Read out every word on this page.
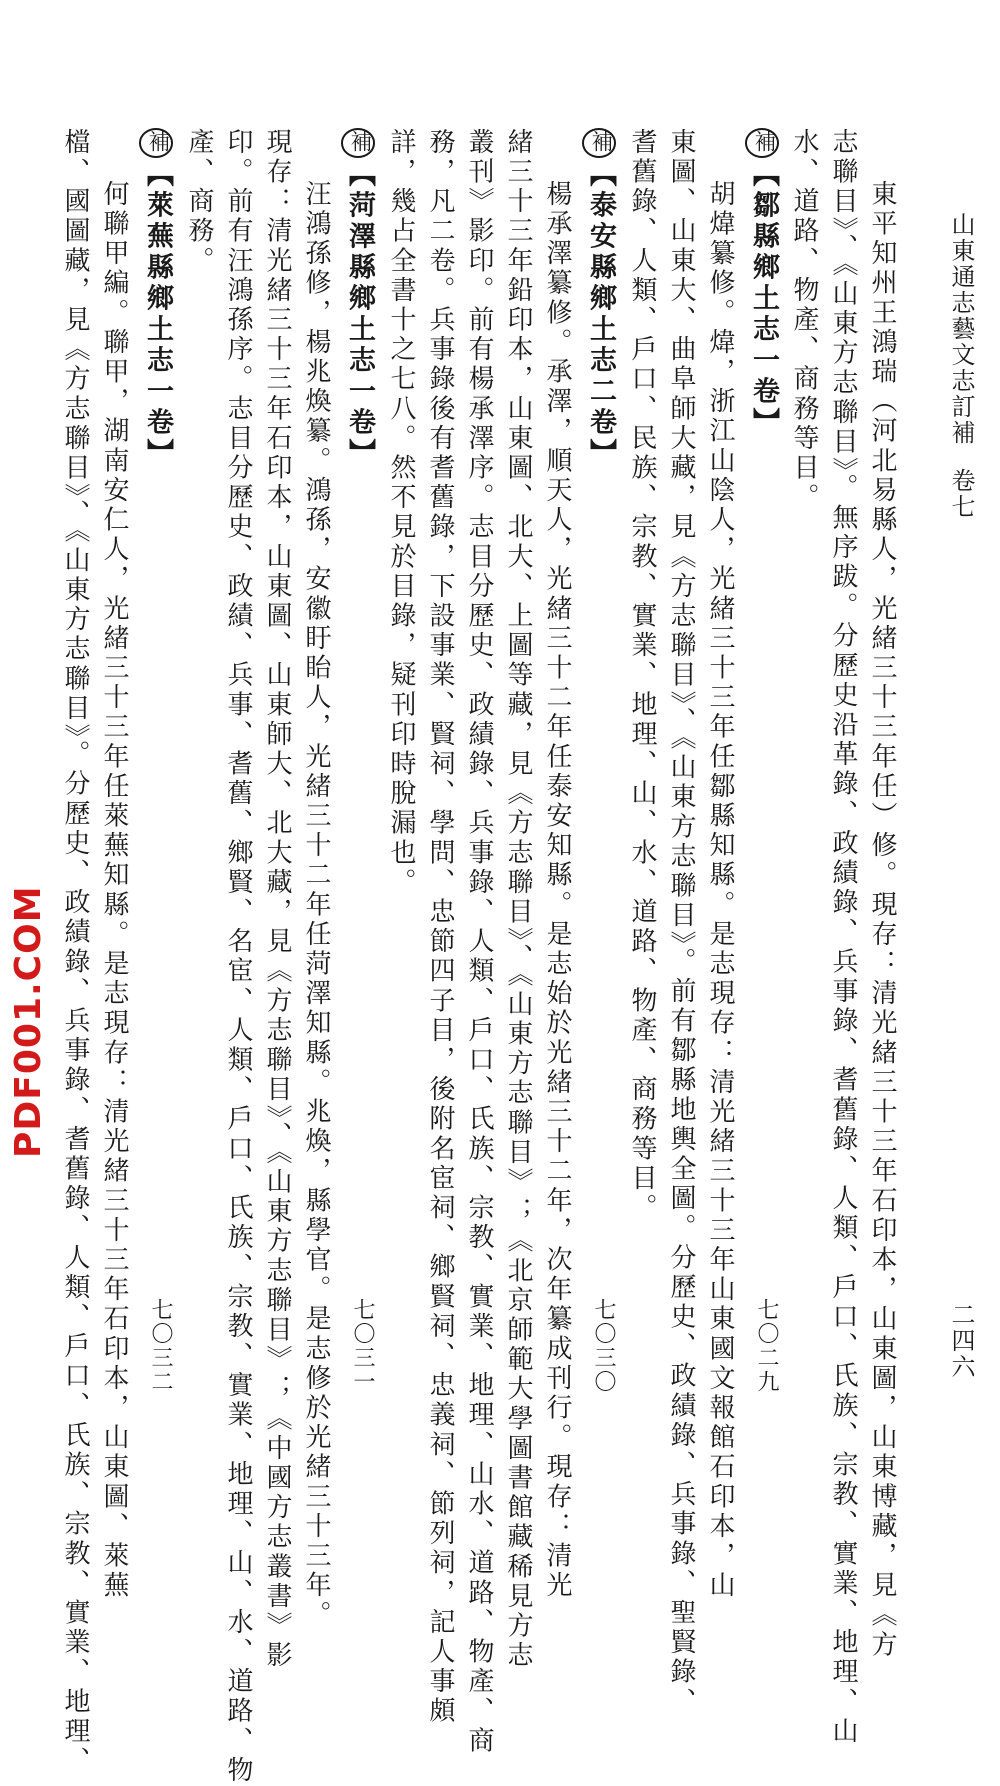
山東通志藝文志訂補卷七
二四六
東平知州王鴻瑞（河北易縣人，光緒三十三年任）修。現存：清光緒三十三年石印本，山東圖，山東博藏，見《方
志聯目》、《山東方志聯目》。無序跋。分歷史沿革錄、政績錄、兵事錄、耆舊錄、人類、戶口、氏族、宗教、實業、地理、山
水、道路、物產、商務等目。
補【鄒縣鄉土志一卷】
七〇二九
胡煒纂修。煒，浙江山陰人，光緒三十三年任鄒縣知縣。是志現存：清光緒三十三年山東國文報館石印本，山
東圖、山東大、曲阜師大藏，見《方志聯目》、《山東方志聯目》。前有鄒縣地輿全圖。分歷史、政績錄、兵事錄、聖賢錄、
耆舊錄、人類、戶口、民族、宗教、實業、地理、山、水、道路、物產、商務等目。
補【泰安縣鄉土志二卷】
七〇三〇
楊承澤纂修。承澤，順天人，光緒三十二年任泰安知縣。是志始於光緒三十二年，次年纂成刊行。現存：清光
緒三十三年鉛印本，山東圖、北大、上圖等藏，見《方志聯目》、《山東方志聯目》；《北京師範大學圖書館藏稀見方志
叢刊》影印。前有楊承澤序。志目分歷史、政績錄、兵事錄、人類、戶口、氏族、宗教、實業、地理、山水、道路、物產、商
務，凡二卷。兵事錄後有耆舊錄，下設事業、賢祠、學問、忠節四子目，後附名宦祠、鄉賢祠、忠義祠、節列祠，記人事頗
詳，幾占全書十之七八。然不見於目錄，疑刊印時脫漏也。
補【菏澤縣鄉土志一卷】
七〇三一
汪鴻孫修，楊兆煥纂。鴻孫，安徽盱眙人，光緒三十二年任菏澤知縣。兆煥，縣學官。是志修於光緒三十三年。
現存：清光緒三十三年石印本，山東圖、山東師大、北大藏，見《方志聯目》、《山東方志聯目》；《中國方志叢書》影
印。前有汪鴻孫序。志目分歷史、政績、兵事、耆舊、鄉賢、名宦、人類、戶口、氏族、宗教、實業、地理、山、水、道路、物
產、商務。
補【萊蕪縣鄉土志一卷】
七〇三二
何聯甲編。聯甲，湖南安仁人，光緒三十三年任萊蕪知縣。是志現存：清光緒三十三年石印本，山東圖、萊蕪
檔、國圖藏，見《方志聯目》、《山東方志聯目》。分歷史、政績錄、兵事錄、耆舊錄、人類、戶口、氏族、宗教、實業、地理、
PDF001.COM
